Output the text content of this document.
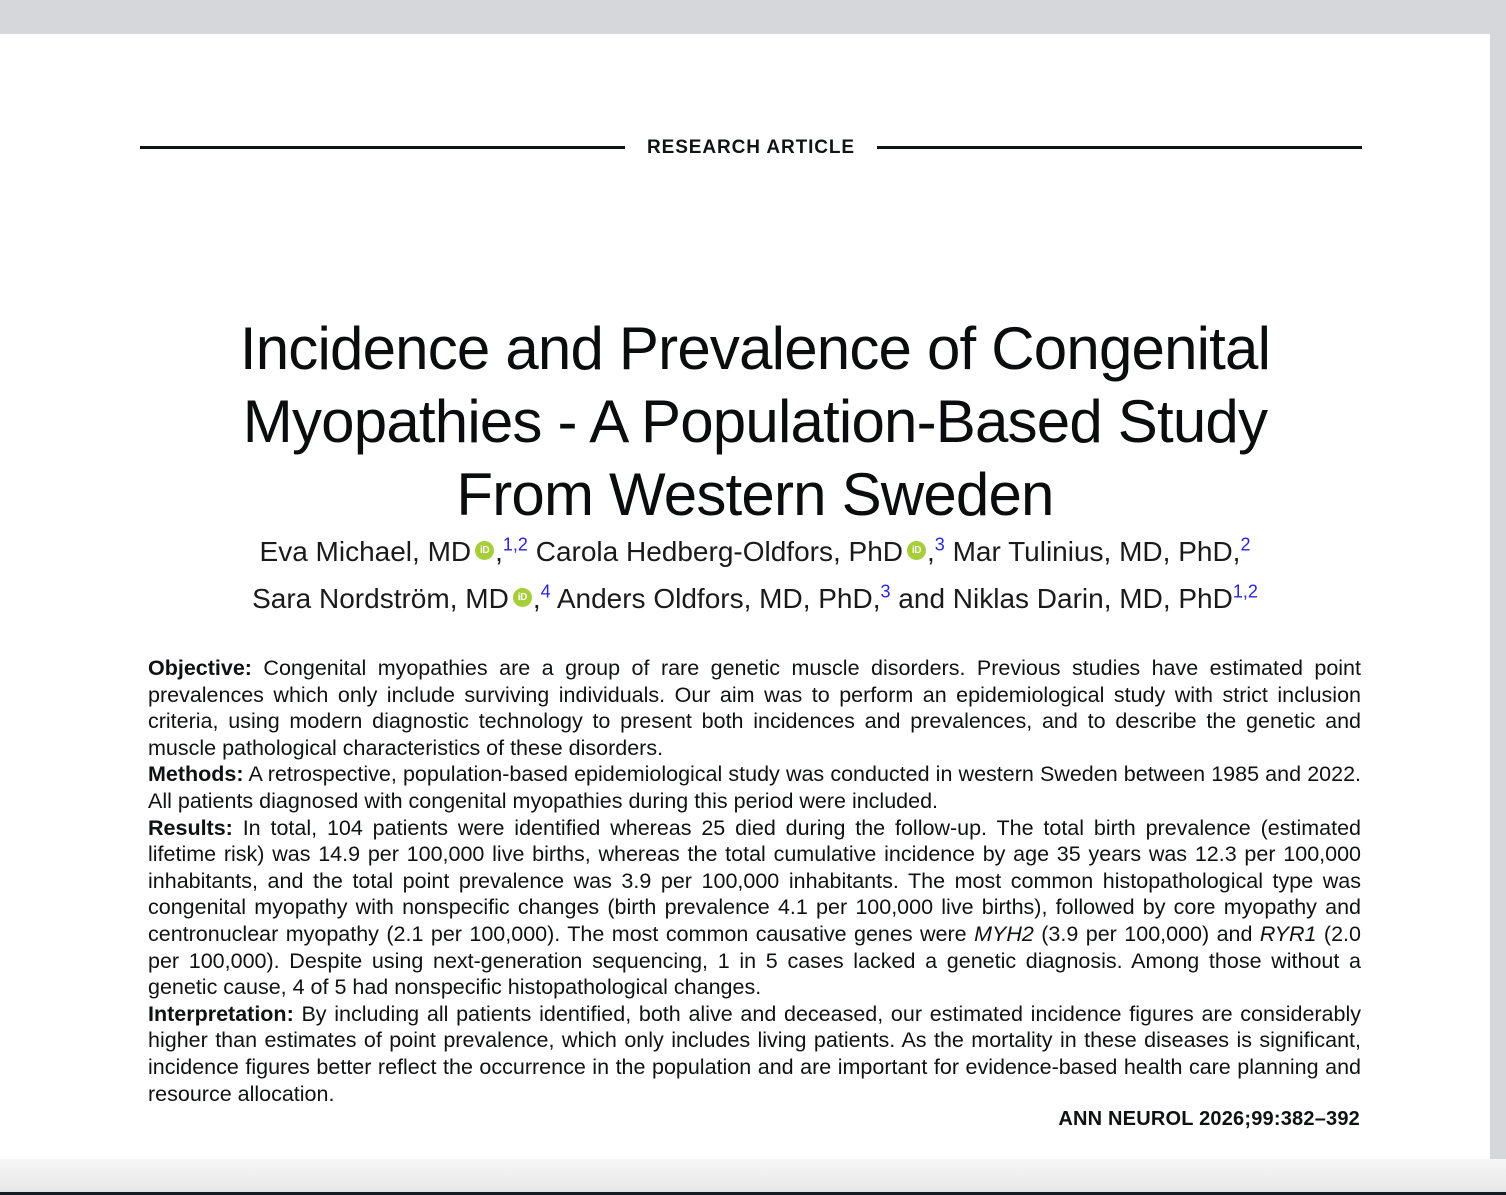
RESEARCH ARTICLE
Incidence and Prevalence of Congenital
Myopathies - A Population-Based Study
From Western Sweden
Eva Michael, MD iD ,$^{1,2}$ Carola Hedberg-Oldfors, PhD iD ,$^3$ Mar Tulinius, MD, PhD,$^2$
Sara Nordström, MD iD ,$^4$ Anders Oldfors, MD, PhD,$^3$ and Niklas Darin, MD, PhD$^{1,2}$

Objective: Congenital myopathies are a group of rare genetic muscle disorders. Previous studies have estimated point prevalences which only include surviving individuals. Our aim was to perform an epidemiological study with strict inclusion criteria, using modern diagnostic technology to present both incidences and prevalences, and to describe the genetic and muscle pathological characteristics of these disorders.

Methods: A retrospective, population-based epidemiological study was conducted in western Sweden between 1985 and 2022. All patients diagnosed with congenital myopathies during this period were included.

Results: In total, 104 patients were identified whereas 25 died during the follow-up. The total birth prevalence (estimated lifetime risk) was 14.9 per 100,000 live births, whereas the total cumulative incidence by age 35 years was 12.3 per 100,000 inhabitants, and the total point prevalence was 3.9 per 100,000 inhabitants. The most common histopathological type was congenital myopathy with nonspecific changes (birth prevalence 4.1 per 100,000 live births), followed by core myopathy and centronuclear myopathy (2.1 per 100,000). The most common causative genes were MYH2 (3.9 per 100,000) and RYR1 (2.0 per 100,000). Despite using next-generation sequencing, 1 in 5 cases lacked a genetic diagnosis. Among those without a genetic cause, 4 of 5 had nonspecific histopathological changes.

Interpretation: By including all patients identified, both alive and deceased, our estimated incidence figures are considerably higher than estimates of point prevalence, which only includes living patients. As the mortality in these diseases is significant, incidence figures better reflect the occurrence in the population and are important for evidence-based health care planning and resource allocation.

ANN NEUROL 2026;99:382–392
